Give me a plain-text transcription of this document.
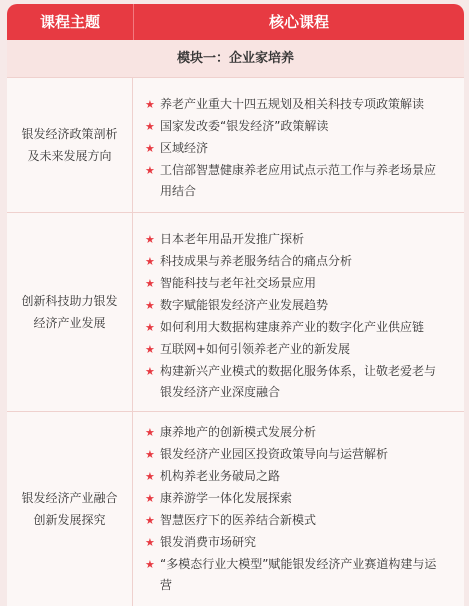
课程主题	核心课程
模块一：企业家培养
银发经济政策剖析及未来发展方向
★ 养老产业重大十四五规划及相关科技专项政策解读
★ 国家发改委“银发经济”政策解读
★ 区域经济
★ 工信部智慧健康养老应用试点示范工作与养老场景应用结合
创新科技助力银发经济产业发展
★ 日本老年用品开发推广探析
★ 科技成果与养老服务结合的痛点分析
★ 智能科技与老年社交场景应用
★ 数字赋能银发经济产业发展趋势
★ 如何利用大数据构建康养产业的数字化产业供应链
★ 互联网+如何引领养老产业的新发展
★ 构建新兴产业模式的数据化服务体系，让敬老爱老与银发经济产业深度融合
银发经济产业融合创新发展探究
★ 康养地产的创新模式发展分析
★ 银发经济产业园区投资政策导向与运营解析
★ 机构养老业务破局之路
★ 康养游学一体化发展探索
★ 智慧医疗下的医养结合新模式
★ 银发消费市场研究
★ “多模态行业大模型”赋能银发经济产业赛道构建与运营
